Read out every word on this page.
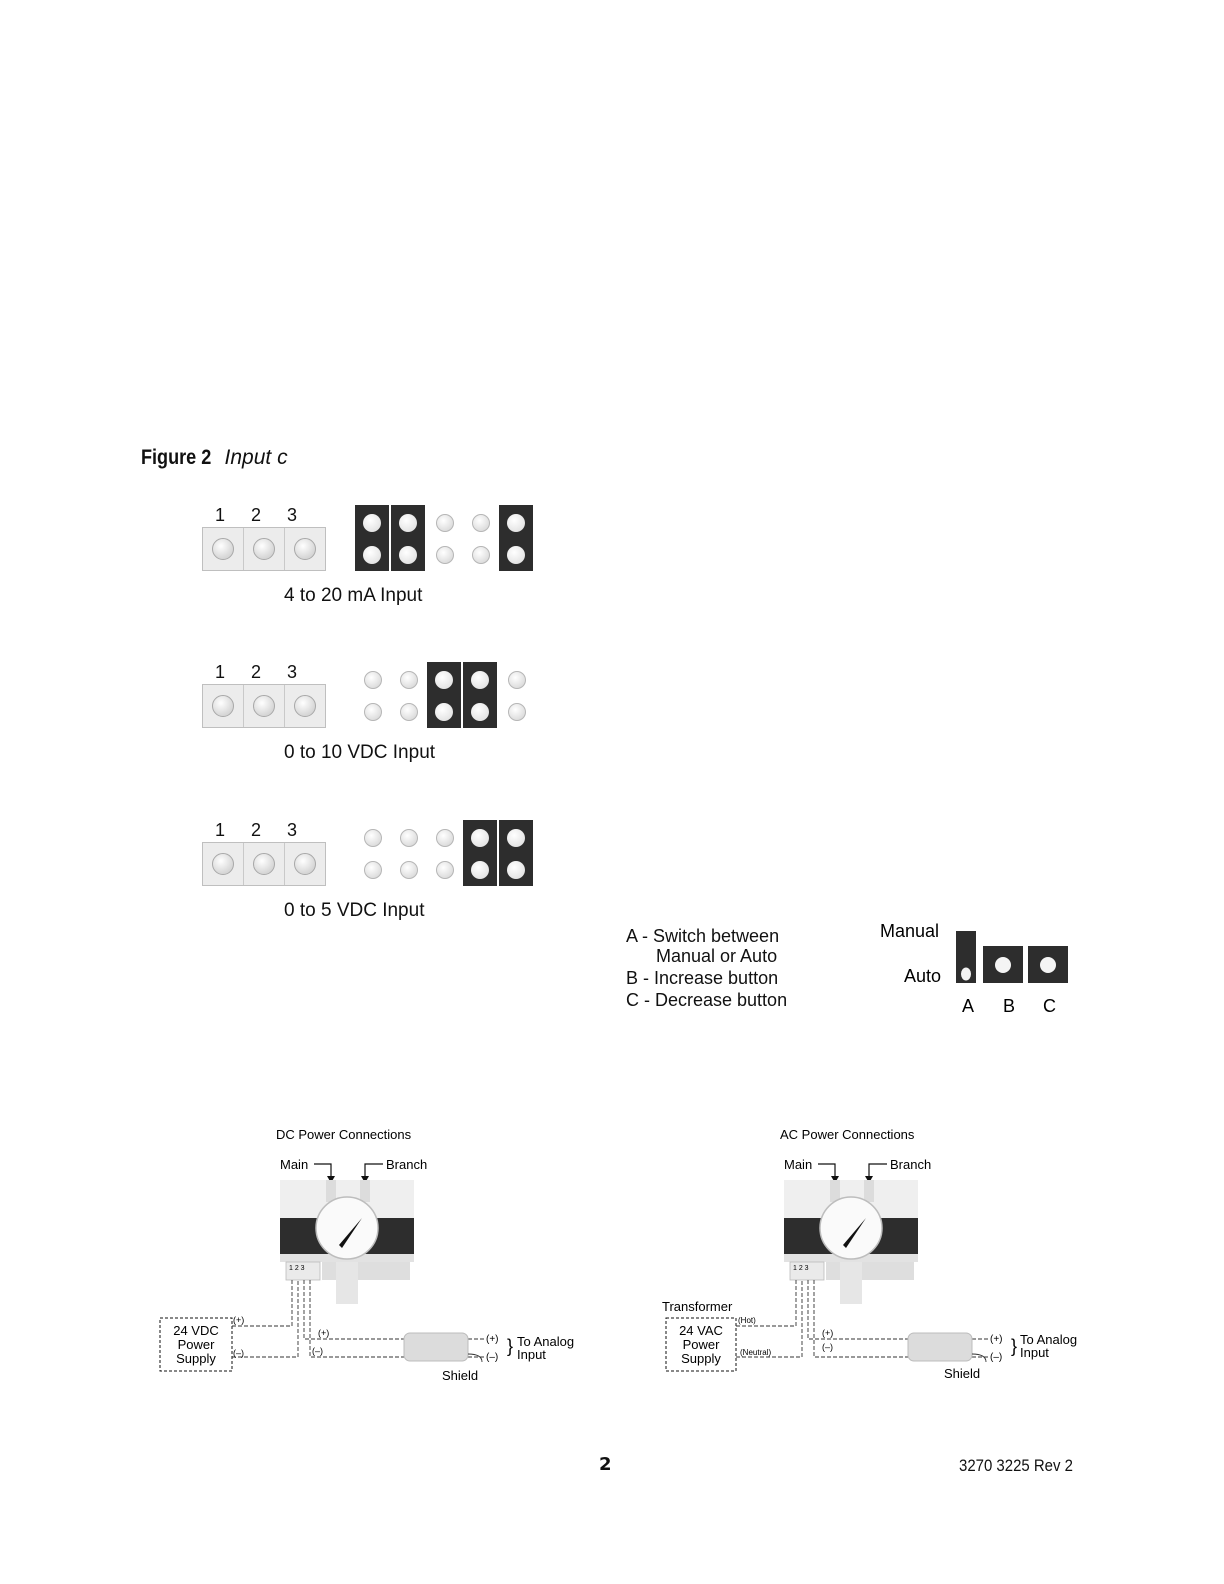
Figure 2 Input c
1 2 3
4 to 20 mA Input
1 2 3
0 to 10 VDC Input
1 2 3
0 to 5 VDC Input
A - Switch between
Manual or Auto
B - Increase button
C - Decrease button
Manual
Auto
A B C
DC Power Connections
Main	Branch
1 2 3
24 VDC
Power
Supply
(+)
(–)
(+)
(–)
(+)
(–)
} To Analog
Input
Shield
AC Power Connections
Main	Branch
1 2 3
Transformer
24 VAC
Power
Supply
(Hot)
(Neutral)
(+)
(–)
(+)
(–)
} To Analog
Input
Shield
2	3270 3225 Rev 2
